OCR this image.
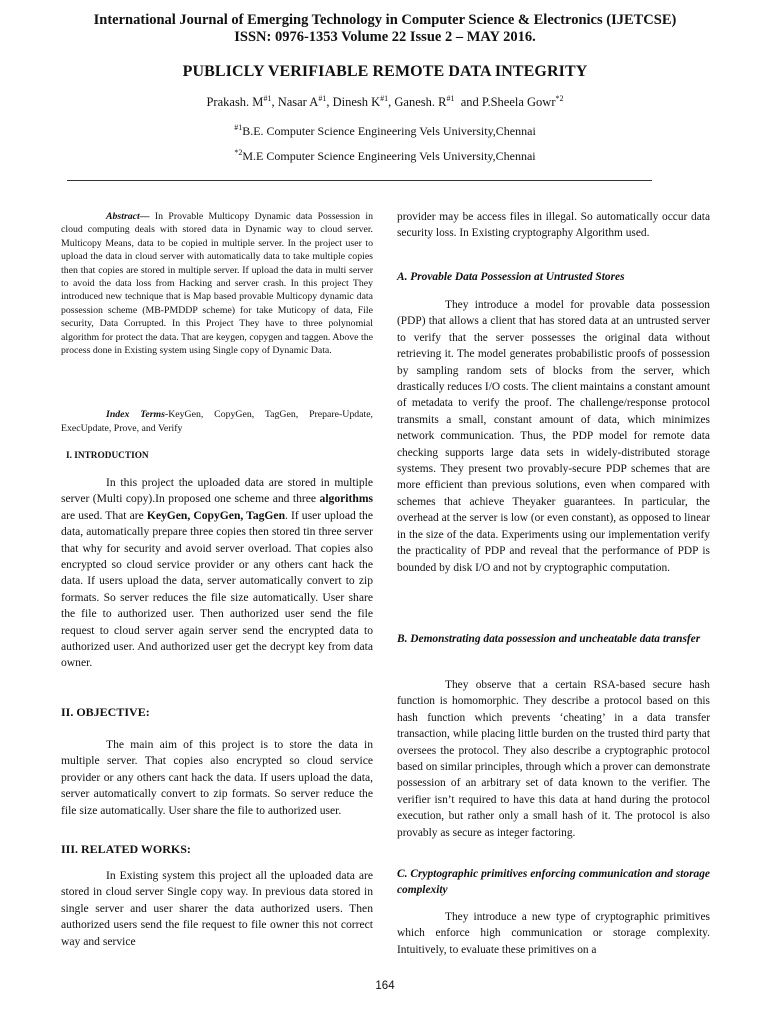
International Journal of Emerging Technology in Computer Science & Electronics (IJETCSE)
ISSN: 0976-1353 Volume 22 Issue 2 – MAY 2016.
PUBLICLY VERIFIABLE REMOTE DATA INTEGRITY
Prakash. $M^{\#1}$, Nasar $A^{\#1}$, Dinesh $K^{\#1}$, Ganesh. $R^{\#1}$  and P.Sheela Gowr$^{*2}$
$^{\#1}$B.E. Computer Science Engineering Vels University,Chennai
$^{*2}$M.E Computer Science Engineering Vels University,Chennai

Abstract— In Provable Multicopy Dynamic data Possession in cloud computing deals with stored data in Dynamic way to cloud server. Multicopy Means, data to be copied in multiple server. In the project user to upload the data in cloud server with automatically data to take multiple copies then that copies are stored in multiple server. If upload the data in multi server to avoid the data loss from Hacking and server crash. In this project They introduced new technique that is Map based provable Multicopy dynamic data possession scheme (MB-PMDDP scheme) for take Muticopy of data, File security, Data Corrupted. In this Project They have to three polynomial algorithm for protect the data. That are keygen, copygen and taggen. Above the process done in Existing system using Single copy of Dynamic Data.

Index Terms-KeyGen, CopyGen, TagGen, Prepare-Update, ExecUpdate, Prove, and Verify
I. INTRODUCTION

In this project the uploaded data are stored in multiple server (Multi copy).In proposed one scheme and three algorithms are used. That are KeyGen, CopyGen, TagGen. If user upload the data, automatically prepare three copies then stored tin three server that why for security and avoid server overload. That copies also encrypted so cloud service provider or any others cant hack the data. If users upload the data, server automatically convert to zip formats. So server reduces the file size automatically. User share the file to authorized user. Then authorized user send the file request to cloud server again server send the encrypted data to authorized user. And authorized user get the decrypt key from data owner.

II. OBJECTIVE:

The main aim of this project is to store the data in multiple server. That copies also encrypted so cloud service provider or any others cant hack the data. If users upload the data, server automatically convert to zip formats. So server reduce the file size automatically. User share the file to authorized user.

III. RELATED WORKS:

In Existing system this project all the uploaded data are stored in cloud server Single copy way. In previous data stored in single server and user sharer the data authorized users. Then authorized users send the file request to file owner this not correct way and service

provider may be access files in illegal. So automatically occur data security loss. In Existing cryptography Algorithm used.
A. Provable Data Possession at Untrusted Stores

They introduce a model for provable data possession (PDP) that allows a client that has stored data at an untrusted server to verify that the server possesses the original data without retrieving it. The model generates probabilistic proofs of possession by sampling random sets of blocks from the server, which drastically reduces I/O costs. The client maintains a constant amount of metadata to verify the proof. The challenge/response protocol transmits a small, constant amount of data, which minimizes network communication. Thus, the PDP model for remote data checking supports large data sets in widely-distributed storage systems. They present two provably-secure PDP schemes that are more efficient than previous solutions, even when compared with schemes that achieve Theyaker guarantees. In particular, the overhead at the server is low (or even constant), as opposed to linear in the size of the data. Experiments using our implementation verify the practicality of PDP and reveal that the performance of PDP is bounded by disk I/O and not by cryptographic computation.

B. Demonstrating data possession and uncheatable data transfer

They observe that a certain RSA-based secure hash function is homomorphic. They describe a protocol based on this hash function which prevents ‘cheating’ in a data transfer transaction, while placing little burden on the trusted third party that oversees the protocol. They also describe a cryptographic protocol based on similar principles, through which a prover can demonstrate possession of an arbitrary set of data known to the verifier. The verifier isn’t required to have this data at hand during the protocol execution, but rather only a small hash of it. The protocol is also provably as secure as integer factoring.

C. Cryptographic primitives enforcing communication and storage complexity

They introduce a new type of cryptographic primitives which enforce high communication or storage complexity. Intuitively, to evaluate these primitives on a

164
